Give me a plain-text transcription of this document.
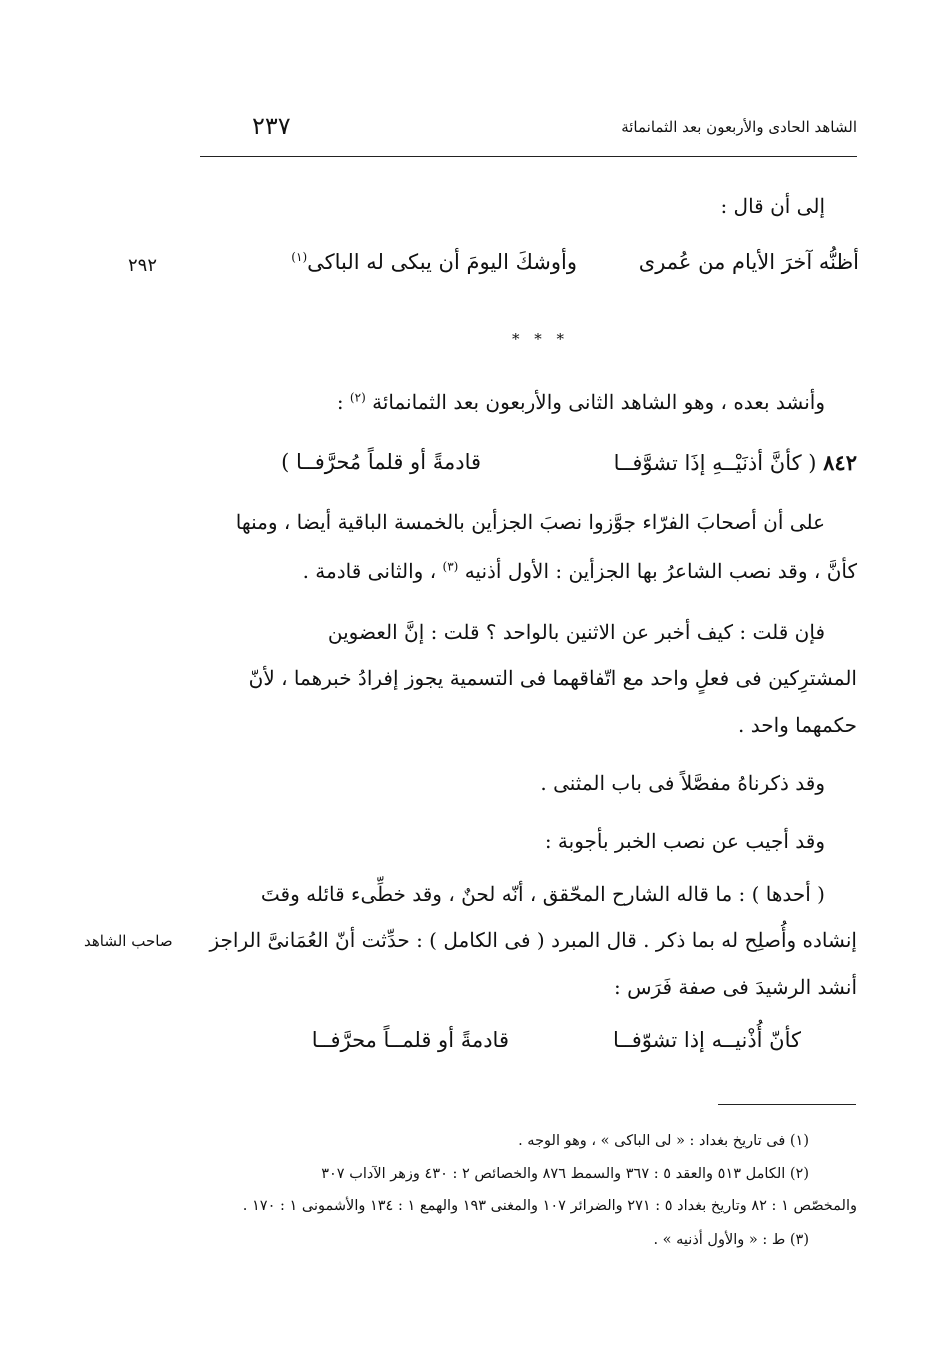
الشاهد الحادى والأربعون بعد الثمانمائة
٢٣٧
إلى أن قال :
أظنُّه آخرَ الأيام من عُمرى
وأوشكَ اليومَ أن يبكى له الباكى$^{(١)}$
٢٩٢
* * *
وأنشد بعده ، وهو الشاهد الثانى والأربعون بعد الثمانمائة $^{(٢)}$ :
٨٤٢ ( كأنَّ أذنَيْــهِ إذَا تشوَّفــا
قادمةً أو قلماً مُحرَّفــا )
على أن أصحابَ الفرّاء جوَّزوا نصبَ الجزأين بالخمسة الباقية أيضا ، ومنها
كأنَّ ، وقد نصب الشاعرُ بها الجزأين : الأول أذنيه $^{(٣)}$ ، والثانى قادمة .
فإن قلت : كيف أخبر عن الاثنين بالواحد ؟ قلت : إنَّ العضوين
المشترِكين فى فعلٍ واحد مع اتّفاقهما فى التسمية يجوز إفرادُ خبرهما ، لأنّ
حكمهما واحد .
وقد ذكرناهُ مفصَّلاً فى باب المثنى .
وقد أجيب عن نصب الخبر بأجوبة :
( أحدها ) : ما قاله الشارح المحّقق ، أنّه لحنٌ ، وقد خطِّىء قائله وقتَ
إنشاده وأُصلِح له بما ذكر . قال المبرد ( فى الكامل ) : حدِّثت أنّ العُمَانىَّ الراجز
أنشد الرشيدَ فى صفة فَرَس :
صاحب الشاهد
كأنّ أُذْنيــه إذا تشوّفــا
قادمةً أو قلمــاً محرَّفــا
(١) فى تاريخ بغداد : « لى الباكى » ، وهو الوجه .
(٢) الكامل ٥١٣ والعقد ٥ : ٣٦٧ والسمط ٨٧٦ والخصائص ٢ : ٤٣٠ وزهر الآداب ٣٠٧
والمخصّص ١ : ٨٢ وتاريخ بغداد ٥ : ٢٧١ والضرائر ١٠٧ والمغنى ١٩٣ والهمع ١ : ١٣٤ والأشمونى ١ : ١٧٠ .
(٣) ط : « والأول أذنيه » .
